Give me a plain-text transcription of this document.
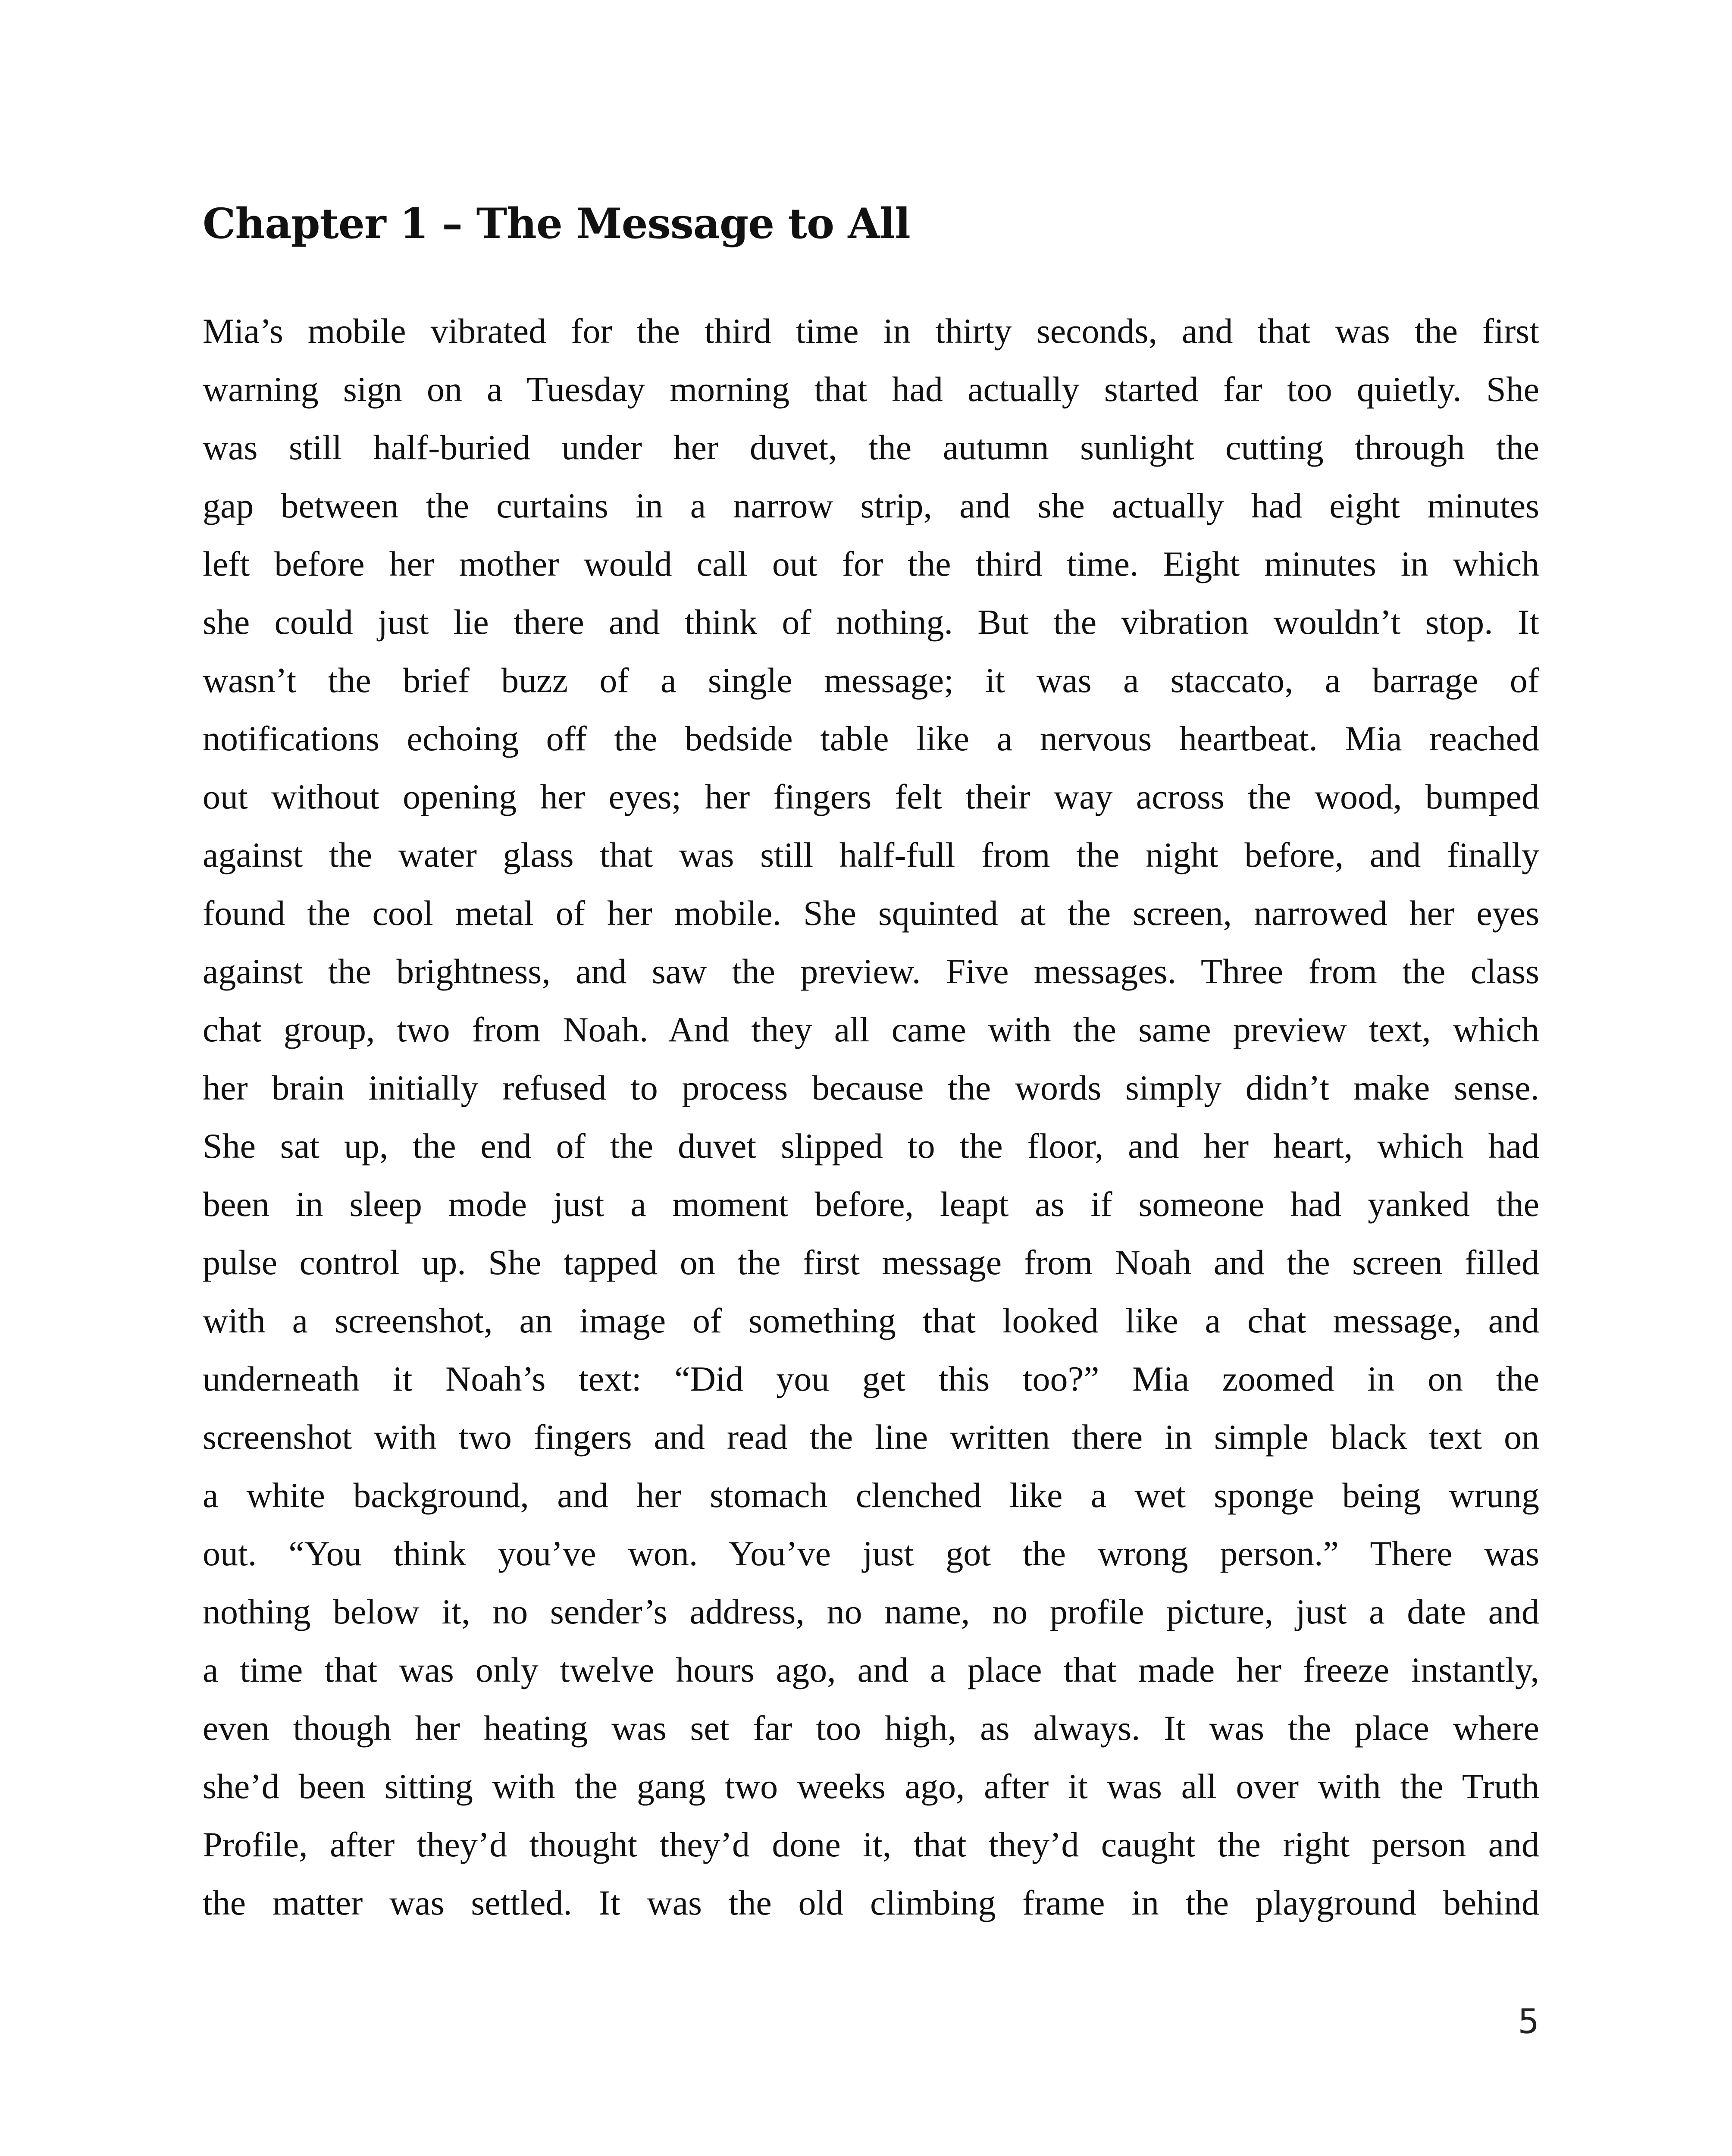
Chapter 1 – The Message to All
Mia’s mobile vibrated for the third time in thirty seconds, and that was the first
warning sign on a Tuesday morning that had actually started far too quietly. She
was still half-buried under her duvet, the autumn sunlight cutting through the
gap between the curtains in a narrow strip, and she actually had eight minutes
left before her mother would call out for the third time. Eight minutes in which
she could just lie there and think of nothing. But the vibration wouldn’t stop. It
wasn’t the brief buzz of a single message; it was a staccato, a barrage of
notifications echoing off the bedside table like a nervous heartbeat. Mia reached
out without opening her eyes; her fingers felt their way across the wood, bumped
against the water glass that was still half-full from the night before, and finally
found the cool metal of her mobile. She squinted at the screen, narrowed her eyes
against the brightness, and saw the preview. Five messages. Three from the class
chat group, two from Noah. And they all came with the same preview text, which
her brain initially refused to process because the words simply didn’t make sense.
She sat up, the end of the duvet slipped to the floor, and her heart, which had
been in sleep mode just a moment before, leapt as if someone had yanked the
pulse control up. She tapped on the first message from Noah and the screen filled
with a screenshot, an image of something that looked like a chat message, and
underneath it Noah’s text: “Did you get this too?” Mia zoomed in on the
screenshot with two fingers and read the line written there in simple black text on
a white background, and her stomach clenched like a wet sponge being wrung
out. “You think you’ve won. You’ve just got the wrong person.” There was
nothing below it, no sender’s address, no name, no profile picture, just a date and
a time that was only twelve hours ago, and a place that made her freeze instantly,
even though her heating was set far too high, as always. It was the place where
she’d been sitting with the gang two weeks ago, after it was all over with the Truth
Profile, after they’d thought they’d done it, that they’d caught the right person and
the matter was settled. It was the old climbing frame in the playground behind
5
